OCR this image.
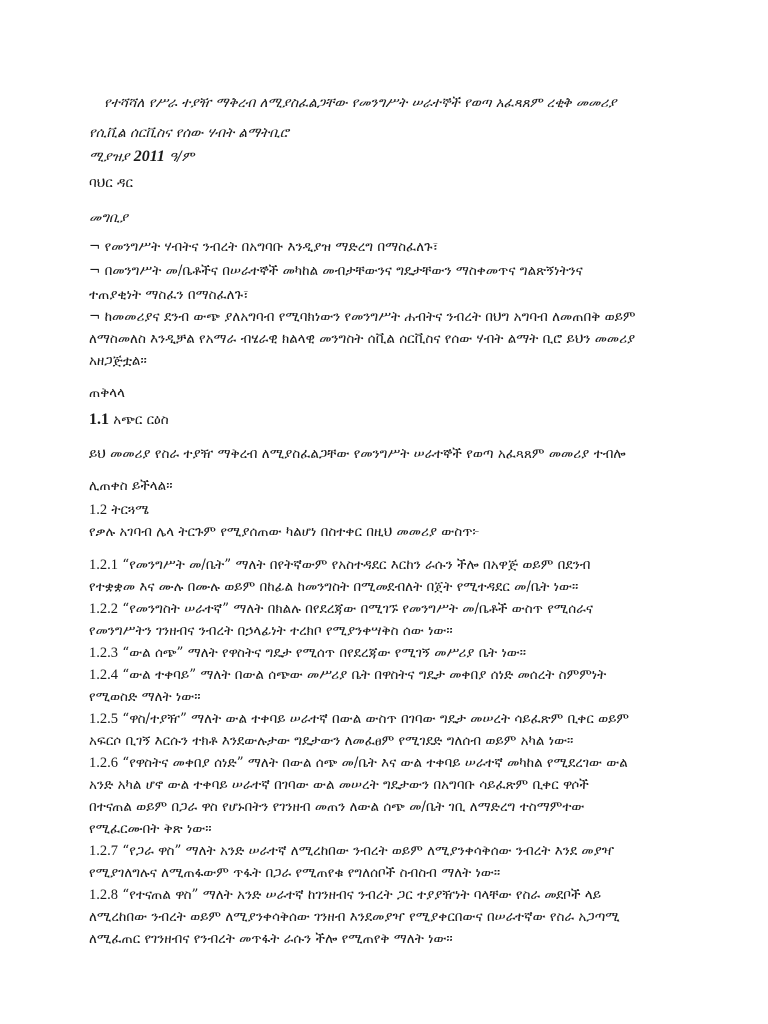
የተሻሻለ የሥራ ተያዥ ማቅረብ ለሚያስፈልጋቸው የመንግሥት ሠራተኞች የወጣ አፈጻጸም ረቂቅ መመሪያ
የሲቪል ሰርቪስና የሰው ሃብት ልማትቢሮ
ሚያዝያ 2011 ዓ/ም
ባህር ዳር
መግቢያ
¬ የመንግሥት ሃብትና ንብረት በአግባቡ እንዲያዝ ማድረግ በማስፈለጉ፣
¬ በመንግሥት መ/ቤቶችና በሠራተኞች መካከል መብታቸውንና ግዴታቸውን ማስቀመጥና ግልጽኝነትንና
ተጠያቂነት ማስፈን በማስፈለጉ፣
¬ ከመመሪያና ደንብ ውጭ ያለአግባብ የሚባክነውን የመንግሥት ሐብትና ንብረት በህግ አግባብ ለመጠበቅ ወይም
ለማስመለስ እንዲቻል የአማራ ብሄራዊ ክልላዊ መንግስት ሰቪል ሰርቪስና የሰው ሃብት ልማት ቢሮ ይህን መመሪያ
አዘጋጅቷል።
ጠቅላላ
1.1 አጭር ርዕስ
ይህ መመሪያ የስራ ተያዥ ማቅረብ ለሚያስፈልጋቸው የመንግሥት ሠራተኞች የወጣ አፈጻጸም መመሪያ ተብሎ
ሊጠቀስ ይችላል።
1.2 ትርጓሜ
የቃሉ አገባብ ሌላ ትርጉም የሚያሰጠው ካልሆነ በስተቀር በዚህ መመሪያ ውስጥ፦
1.2.1 “የመንግሥት መ/ቤት” ማለት በየትኛውም የአስተዳደር እርከን ራሱን ችሎ በአዋጅ ወይም በደንብ
የተቋቋመ እና ሙሉ በሙሉ ወይም በከፊል ከመንግስት በሚመደብለት በጀት የሚተዳደር መ/ቤት ነው።
1.2.2 “የመንግስት ሠራተኛ” ማለት በክልሉ በየደረጃው በሚገኙ የመንግሥት መ/ቤቶች ውስጥ የሚሰራና
የመንግሥትን ገንዘብና ንብረት በኃላፊነት ተረክቦ የሚያንቀሣቅስ ሰው ነው።
1.2.3 “ውል ሰጭ” ማለት የዋስትና ግዴታ የሚሰጥ በየደረጃው የሚገኝ መሥሪያ ቤት ነው።
1.2.4 “ውል ተቀባይ” ማለት በውል ሰጭው መሥሪያ ቤት በዋስትና ግዴታ መቀበያ ሰነድ መሰረት ስምምነት
የሚወስድ ማለት ነው።
1.2.5 “ዋስ/ተያዥ” ማለት ውል ተቀባይ ሠራተኛ በውል ውስጥ በገባው ግዴታ መሠረት ሳይፈጽም ቢቀር ወይም
አፍርሶ ቢገኝ እርሱን ተክቶ እንደውሉታው ግዴታውን ለመፈፀም የሚገደድ ግለሰብ ወይም አካል ነው።
1.2.6 “የዋስትና መቀበያ ሰነድ” ማለት በውል ሰጭ መ/ቤት እና ውል ተቀባይ ሠራተኛ መካከል የሚደረገው ውል
አንድ አካል ሆኖ ውል ተቀባይ ሠራተኛ በገባው ውል መሠረት ግዴታውን በአግባቡ ሳይፈጽም ቢቀር ዋሶች
በተናጠል ወይም በጋራ ዋስ የሆኑበትን የገንዘብ መጠን ለውል ሰጭ መ/ቤት ገቢ ለማድረግ ተስማምተው
የሚፈርሙበት ቅጽ ነው።
1.2.7 “የጋራ ዋስ” ማለት አንድ ሠራተኛ ለሚረከበው ንብረት ወይም ለሚያንቀሳቅሰው ንብረት እንደ መያዣ
የሚያገለግሉና ለሚጠፋውም ጥፋት በጋራ የሚጠየቁ የግለሰቦች ስብስብ ማለት ነው።
1.2.8 “የተናጠል ዋስ” ማለት አንድ ሠራተኛ ከገንዘብና ንብረት ጋር ተያያዥነት ባላቸው የስራ መደቦች ላይ
ለሚረከበው ንብረት ወይም ለሚያንቀሳቅሰው ገንዘብ እንደመያዣ የሚያቀርበውና በሠራተኛው የስራ አጋጣሚ
ለሚፈጠር የገንዘብና የንብረት መጥፋት ራሱን ችሎ የሚጠየቅ ማለት ነው።
